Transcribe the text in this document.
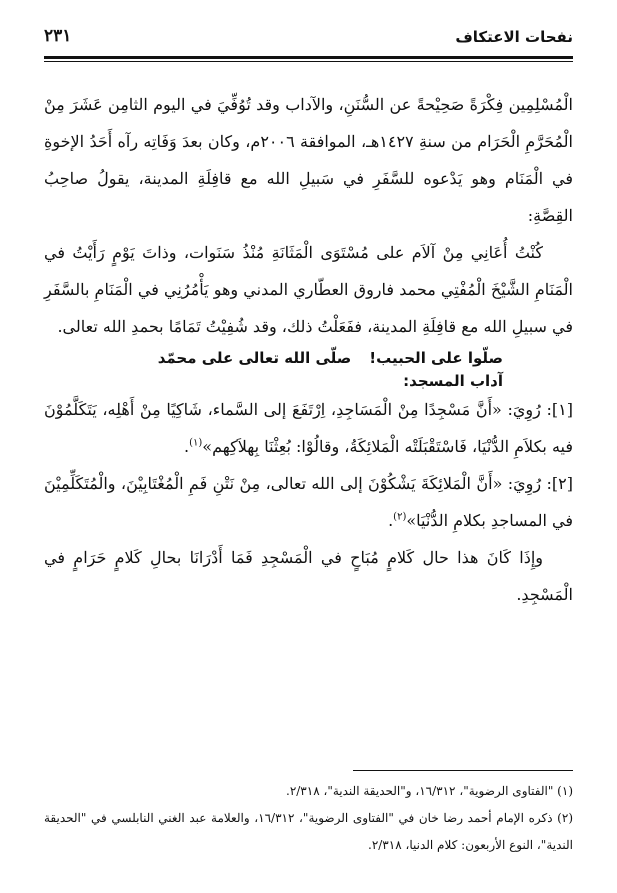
نفحات الاعتكاف
٢٣١

الْمُسْلِمِين فِكْرَةً صَحِيْحةً عن السُّنَنِ، والآداب وقد تُوُفِّيَ في اليوم الثامِن عَشَرَ مِنْ الْمُحَرَّمِ الْحَرَام من سنةِ ١٤٢٧هـ، الموافقة ٢٠٠٦م، وكان بعدَ وَفَاتِه رآه أَحَدُ الإخوةِ في الْمَنَام وهو يَدْعوه للسَّفَرِ في سَبيلِ الله مع قافِلَةِ المدينة، يقولُ صاحِبُ القِصَّةِ:

كُنْتُ أُعَانِي مِنْ آلاَم على مُسْتَوَى الْمَثَانَةِ مُنْذُ سَنَوات، وذاتَ يَوْمٍ رَأَيْتُ في الْمَنَامِ الشَّيْخَ الْمُفْتِي محمد فاروق العطّاري المدني وهو يَأْمُرُنِي في الْمَنَامِ بالسَّفَرِ في سبيلِ الله مع قافِلَةِ المدينة، ففَعَلْتُ ذلك، وقد شُفِيْتُ تَمَامًا بحمدِ الله تعالى.

صلّوا على الحبيب!صلّى الله تعالى على محمّد

آداب المسجد:

[١]: رُوِيَ: «أَنَّ مَسْجِدًا مِنْ الْمَسَاجِدِ، اِرْتَفَعَ إلى السَّماء، شَاكِيًا مِنْ أَهْلِه، يَتَكَلَّمُوْنَ فيه بكلاَمِ الدُّنْيَا، فَاسْتَقْبَلَتْه الْمَلائِكَةُ، وقالُوْا: بُعِثْنَا بِهلاَكِهم»$^{(١)}$.

[٢]: رُوِيَ: «أَنَّ الْمَلائِكَةَ يَشْكُوْنَ إلى الله تعالى، مِنْ نَتْنِ فَمِ الْمُغْتَابِيْنَ، والْمُتَكَلِّمِيْنَ في المساجدِ بكلامِ الدُّنْيَا»$^{(٢)}$.

وإِذَا كَانَ هذا حال كَلامٍ مُبَاحٍ في الْمَسْجِدِ فَمَا أَدْرَانَا بحالِ كَلامٍ حَرَامٍ في الْمَسْجِدِ.

(١) "الفتاوى الرضوية"، ١٦/٣١٢، و"الحديقة الندية"، ٢/٣١٨.

(٢) ذكره الإمام أحمد رضا خان في "الفتاوى الرضوية"، ١٦/٣١٢، والعلامة عبد الغني النابلسي في "الحديقة الندية"، النوع الأربعون: كلام الدنيا، ٢/٣١٨.
